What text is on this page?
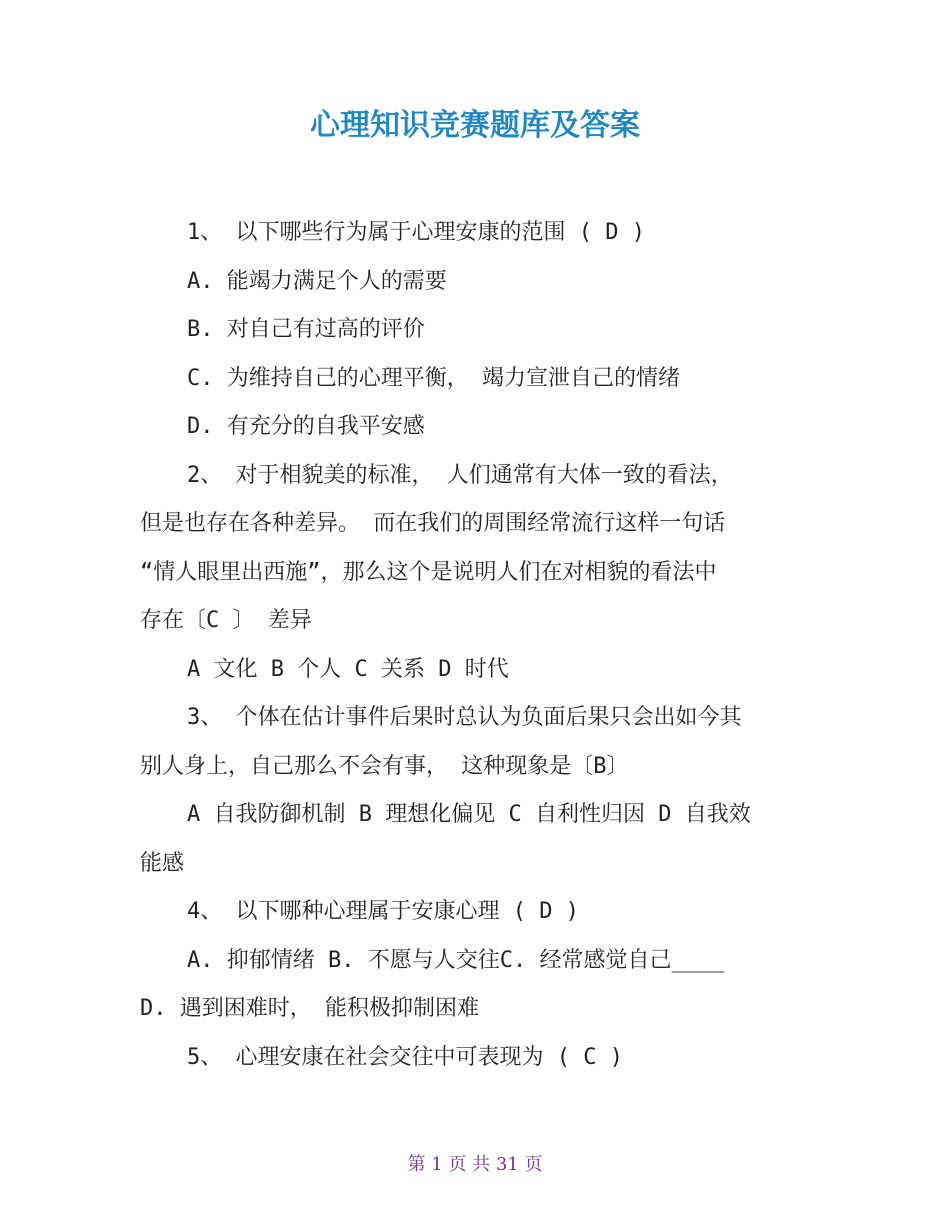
心理知识竞赛题库及答案
1、 以下哪些行为属于心理安康的范围 ( D )
A. 能竭力满足个人的需要
B. 对自己有过高的评价
C. 为维持自己的心理平衡， 竭力宣泄自己的情绪
D. 有充分的自我平安感
2、 对于相貌美的标准， 人们通常有大体一致的看法，
但是也存在各种差异。 而在我们的周围经常流行这样一句话
“情人眼里出西施”，那么这个是说明人们在对相貌的看法中
存在〔C 〕 差异
A 文化 B 个人 C 关系 D 时代
3、 个体在估计事件后果时总认为负面后果只会出如今其
别人身上，自己那么不会有事， 这种现象是〔B〕
A 自我防御机制 B 理想化偏见 C 自利性归因 D 自我效
能感
4、 以下哪种心理属于安康心理 ( D )
A. 抑郁情绪 B. 不愿与人交往C. 经常感觉自己____
D. 遇到困难时， 能积极抑制困难
5、 心理安康在社会交往中可表现为 ( C )
第 1 页 共 31 页
